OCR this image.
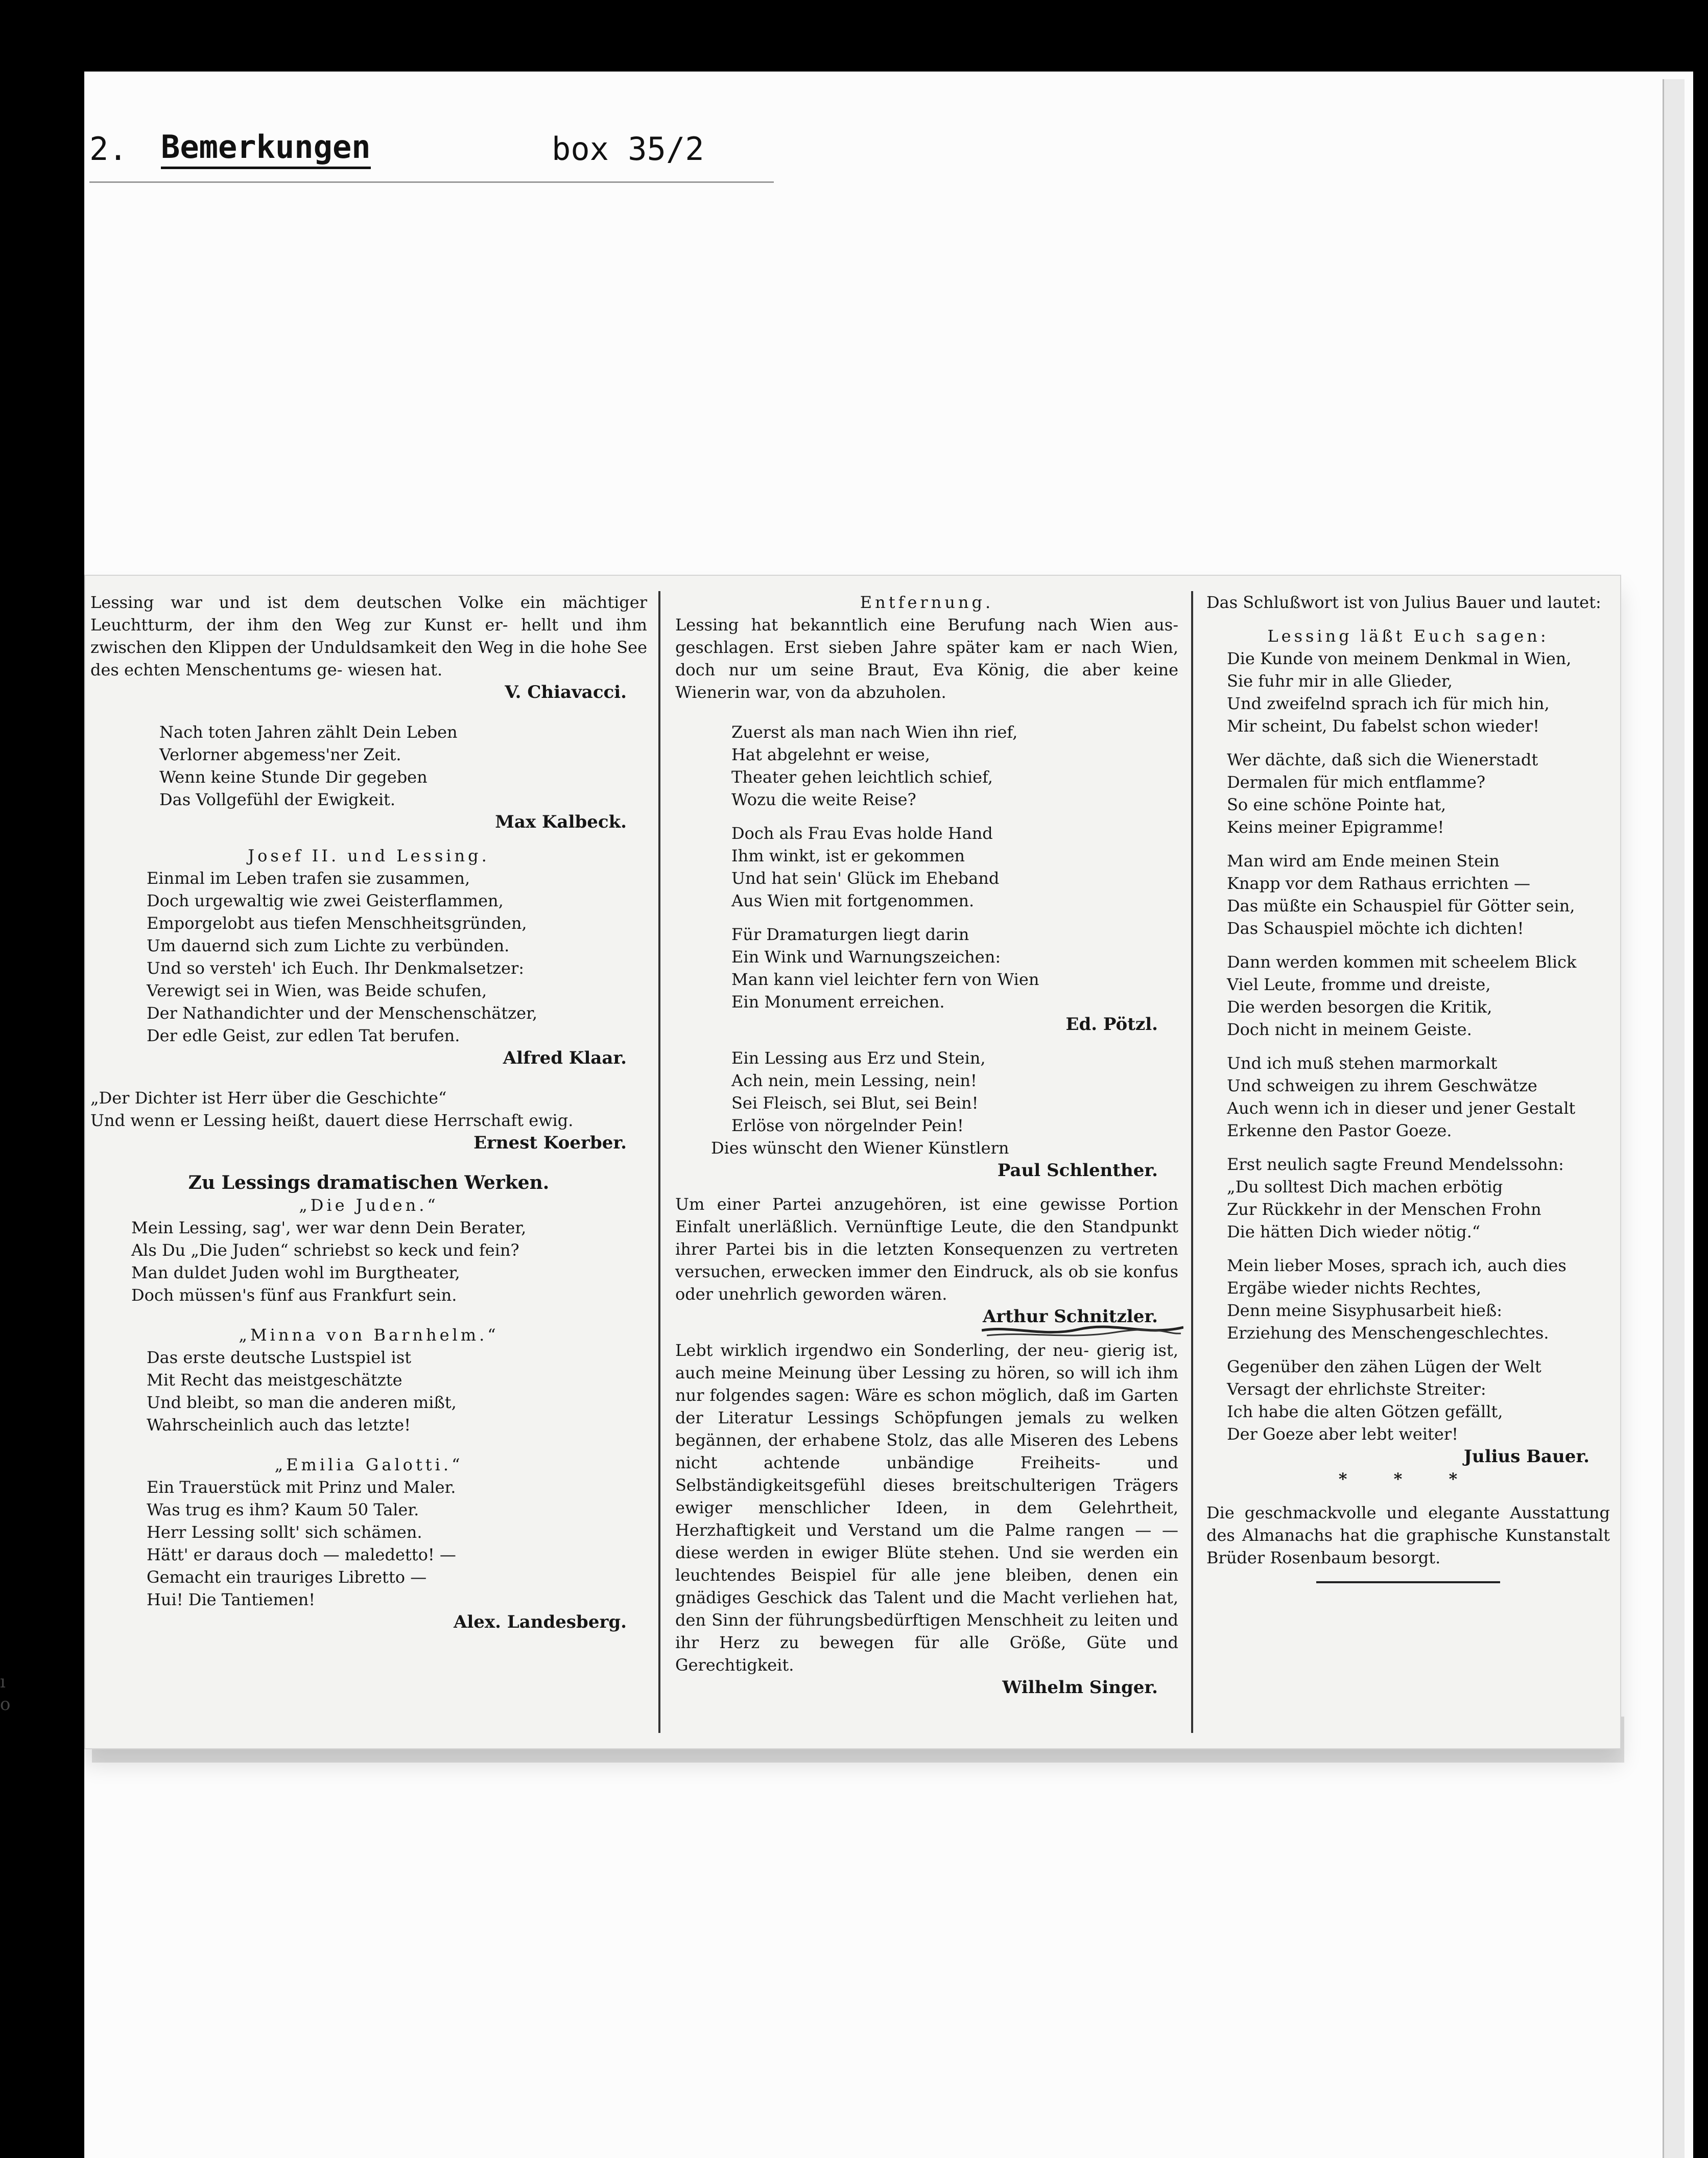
2. Bemerkungen	box 35/2
ı
o

Lessing war und ist dem deutschen Volke ein mächtiger Leuchtturm, der ihm den Weg zur Kunst er- hellt und ihm zwischen den Klippen der Unduldsamkeit den Weg in die hohe See des echten Menschentums ge- wiesen hat.

V. Chiavacci.

Nach toten Jahren zählt Dein Leben
Verlorner abgemess'ner Zeit.
Wenn keine Stunde Dir gegeben
Das Vollgefühl der Ewigkeit.

Max Kalbeck.

Josef II. und Lessing.

Einmal im Leben trafen sie zusammen,
Doch urgewaltig wie zwei Geisterflammen,
Emporgelobt aus tiefen Menschheitsgründen,
Um dauernd sich zum Lichte zu verbünden.
Und so versteh' ich Euch. Ihr Denkmalsetzer:
Verewigt sei in Wien, was Beide schufen,
Der Nathandichter und der Menschenschätzer,
Der edle Geist, zur edlen Tat berufen.

Alfred Klaar.

„Der Dichter ist Herr über die Geschichte“
Und wenn er Lessing heißt, dauert diese Herrschaft ewig.

Ernest Koerber.

Zu Lessings dramatischen Werken.

„Die Juden.“

Mein Lessing, sag', wer war denn Dein Berater,
Als Du „Die Juden“ schriebst so keck und fein?
Man duldet Juden wohl im Burgtheater,
Doch müssen's fünf aus Frankfurt sein.

„Minna von Barnhelm.“

Das erste deutsche Lustspiel ist
Mit Recht das meistgeschätzte
Und bleibt, so man die anderen mißt,
Wahrscheinlich auch das letzte!

„Emilia Galotti.“

Ein Trauerstück mit Prinz und Maler.
Was trug es ihm? Kaum 50 Taler.
Herr Lessing sollt' sich schämen.
Hätt' er daraus doch — maledetto! —
Gemacht ein trauriges Libretto —
Hui! Die Tantiemen!

Alex. Landesberg.

Entfernung.

Lessing hat bekanntlich eine Berufung nach Wien aus- geschlagen. Erst sieben Jahre später kam er nach Wien, doch nur um seine Braut, Eva König, die aber keine Wienerin war, von da abzuholen.

Zuerst als man nach Wien ihn rief,
Hat abgelehnt er weise,
Theater gehen leichtlich schief,
Wozu die weite Reise?

Doch als Frau Evas holde Hand
Ihm winkt, ist er gekommen
Und hat sein' Glück im Eheband
Aus Wien mit fortgenommen.

Für Dramaturgen liegt darin
Ein Wink und Warnungszeichen:
Man kann viel leichter fern von Wien
Ein Monument erreichen.

Ed. Pötzl.

Ein Lessing aus Erz und Stein,
Ach nein, mein Lessing, nein!
Sei Fleisch, sei Blut, sei Bein!
Erlöse von nörgelnder Pein!

Dies wünscht den Wiener Künstlern

Paul Schlenther.

Um einer Partei anzugehören, ist eine gewisse Portion Einfalt unerläßlich. Vernünftige Leute, die den Standpunkt ihrer Partei bis in die letzten Konsequenzen zu vertreten versuchen, erwecken immer den Eindruck, als ob sie konfus oder unehrlich geworden wären.

Arthur Schnitzler.

Lebt wirklich irgendwo ein Sonderling, der neu- gierig ist, auch meine Meinung über Lessing zu hören, so will ich ihm nur folgendes sagen: Wäre es schon möglich, daß im Garten der Literatur Lessings Schöpfungen jemals zu welken begännen, der erhabene Stolz, das alle Miseren des Lebens nicht achtende	unbändige Freiheits- und Selbständigkeitsgefühl dieses breitschulterigen Trägers ewiger menschlicher Ideen, in dem Gelehrtheit, Herzhaftigkeit und Verstand um die Palme rangen — — diese werden in ewiger Blüte stehen. Und sie werden ein leuchtendes Beispiel für alle jene bleiben, denen ein gnädiges Geschick das Talent und die Macht verliehen hat, den Sinn der führungsbedürftigen Menschheit zu leiten und ihr Herz zu bewegen für alle Größe, Güte und Gerechtigkeit.

Wilhelm Singer.

Das Schlußwort ist von Julius Bauer und lautet:

Lessing läßt Euch sagen:

Die Kunde von meinem Denkmal in Wien,
Sie fuhr mir in alle Glieder,
Und zweifelnd sprach ich für mich hin,
Mir scheint, Du fabelst schon wieder!

Wer dächte, daß sich die Wienerstadt
Dermalen für mich entflamme?
So eine schöne Pointe hat,
Keins meiner Epigramme!

Man wird am Ende meinen Stein
Knapp vor dem Rathaus errichten —
Das müßte ein Schauspiel für Götter sein,
Das Schauspiel möchte ich dichten!

Dann werden kommen mit scheelem Blick
Viel Leute, fromme und dreiste,
Die werden besorgen die Kritik,
Doch nicht in meinem Geiste.

Und ich muß stehen marmorkalt
Und schweigen zu ihrem Geschwätze
Auch wenn ich in dieser und jener Gestalt
Erkenne den Pastor Goeze.

Erst neulich sagte Freund Mendelssohn:
„Du solltest Dich machen erbötig
Zur Rückkehr in der Menschen Frohn
Die hätten Dich wieder nötig.“

Mein lieber Moses, sprach ich, auch dies
Ergäbe wieder nichts Rechtes,
Denn meine Sisyphusarbeit hieß:
Erziehung des Menschengeschlechtes.

Gegenüber den zähen Lügen der Welt
Versagt der ehrlichste Streiter:
Ich habe die alten Götzen gefällt,
Der Goeze aber lebt weiter!

Julius Bauer.

* * *

Die geschmackvolle und elegante Ausstattung des Almanachs hat die graphische Kunstanstalt Brüder Rosenbaum besorgt.
